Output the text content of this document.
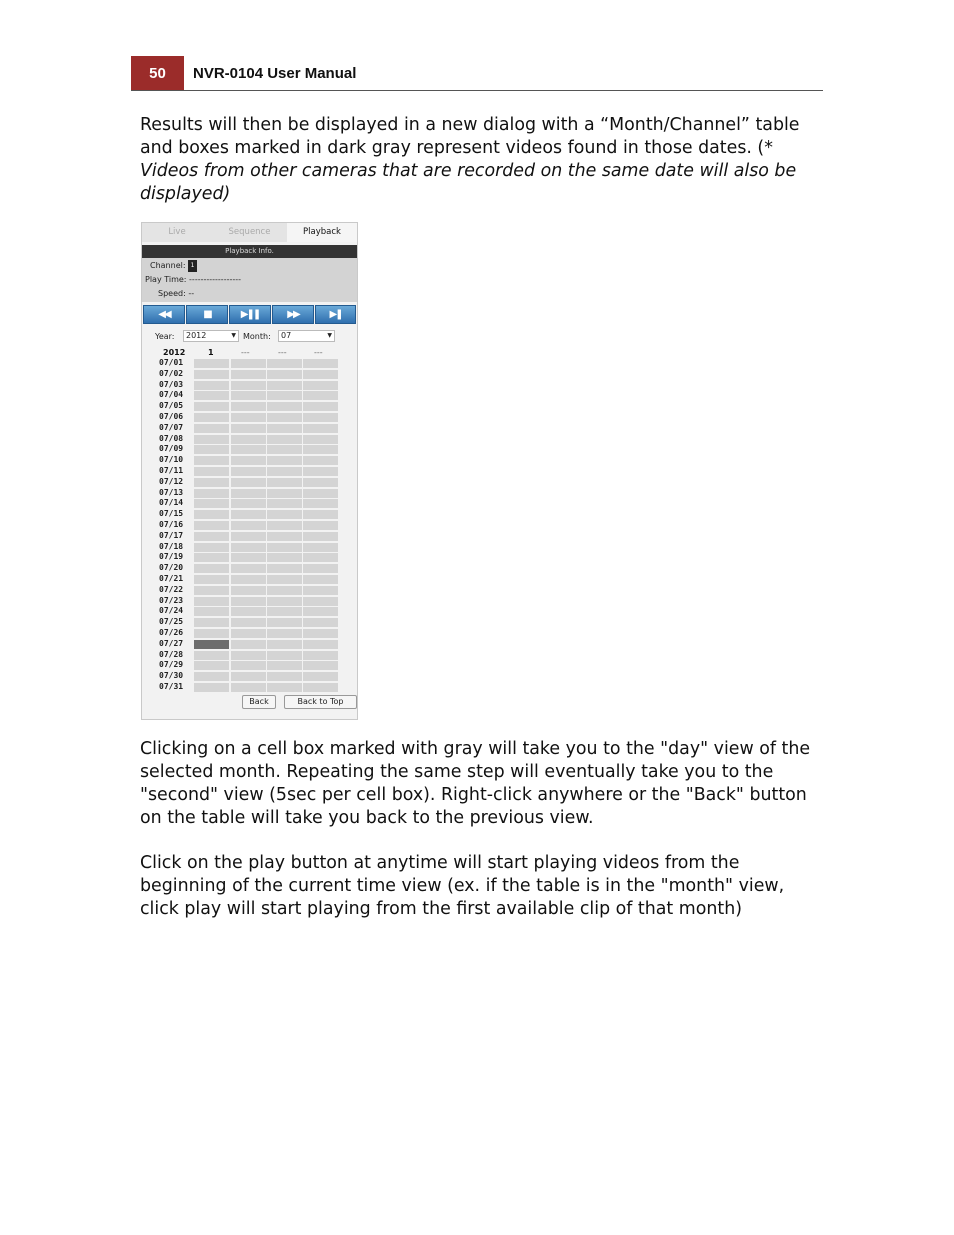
50	NVR-0104 User Manual

Results will then be displayed in a new dialog with a “Month/Channel” table and boxes marked in dark gray represent videos found in those dates. (* Videos from other cameras that are recorded on the same date will also be displayed)

Live	Sequence	Playback
Playback Info.
Channel: 1
Play Time: ------------------
Speed: --
◀◀	■	▶❚❚	▶▶	▶❚
Year:	2012	▼ Month:	07	▼
2012	1	---	---	---
07/01
07/02
07/03
07/04
07/05
07/06
07/07
07/08
07/09
07/10
07/11
07/12
07/13
07/14
07/15
07/16
07/17
07/18
07/19
07/20
07/21
07/22
07/23
07/24
07/25
07/26
07/27
07/28
07/29
07/30
07/31
Back	Back to Top

Clicking on a cell box marked with gray will take you to the "day" view of the selected month. Repeating the same step will eventually take you to the "second" view (5sec per cell box). Right-click anywhere or the "Back" button on the table will take you back to the previous view.

Click on the play button at anytime will start playing videos from the beginning of the current time view (ex. if the table is in the "month" view, click play will start playing from the first available clip of that month)
